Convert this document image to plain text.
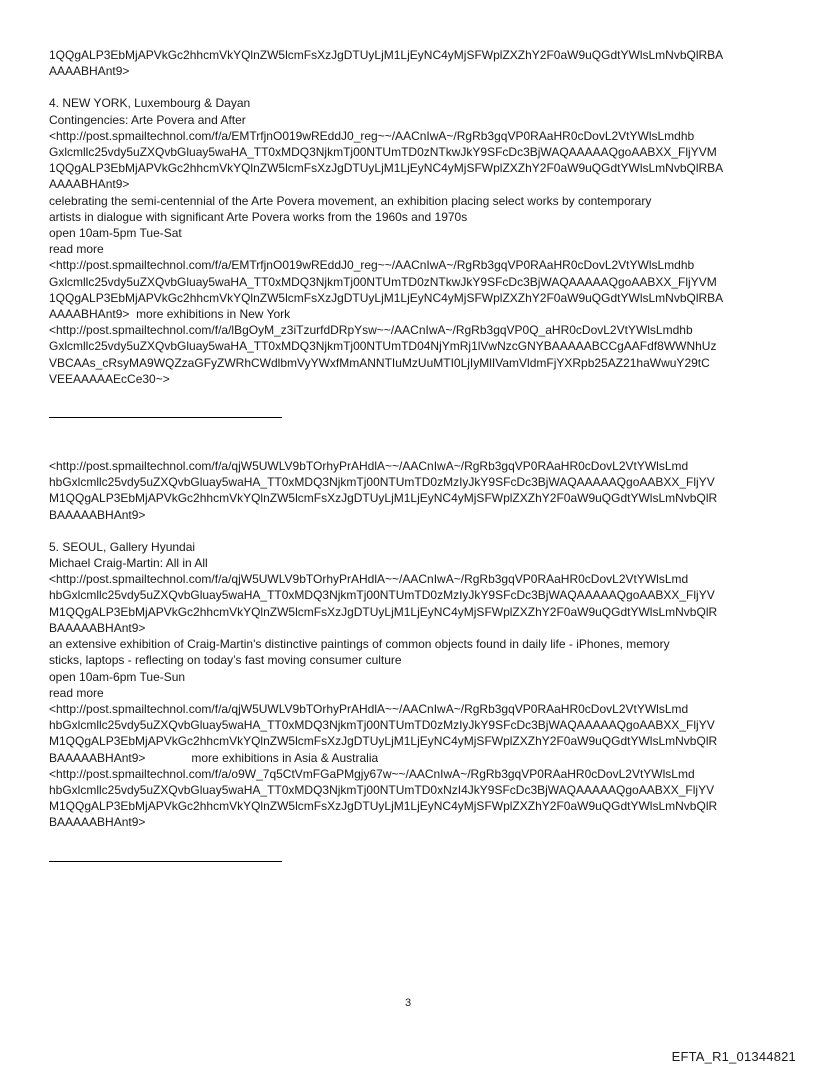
1QQgALP3EbMjAPVkGc2hhcmVkYQlnZW5lcmFsXzJgDTUyLjM1LjEyNC4yMjSFWplZXZhY2F0aW9uQGdtYWlsLmNvbQlRBA
AAAABHAnt9>
4. NEW YORK, Luxembourg & Dayan
Contingencies: Arte Povera and After
<http://post.spmailtechnol.com/f/a/EMTrfjnO019wREddJ0_reg~~/AACnIwA~/RgRb3gqVP0RAaHR0cDovL2VtYWlsLmdhb
Gxlcmllc25vdy5uZXQvbGluay5waHA_TT0xMDQ3NjkmTj00NTUmTD0zNTkwJkY9SFcDc3BjWAQAAAAAQgoAABXX_FljYVM
1QQgALP3EbMjAPVkGc2hhcmVkYQlnZW5lcmFsXzJgDTUyLjM1LjEyNC4yMjSFWplZXZhY2F0aW9uQGdtYWlsLmNvbQlRBA
AAAABHAnt9>
celebrating the semi-centennial of the Arte Povera movement, an exhibition placing select works by contemporary
artists in dialogue with significant Arte Povera works from the 1960s and 1970s
open 10am-5pm Tue-Sat
read more
<http://post.spmailtechnol.com/f/a/EMTrfjnO019wREddJ0_reg~~/AACnIwA~/RgRb3gqVP0RAaHR0cDovL2VtYWlsLmdhb
Gxlcmllc25vdy5uZXQvbGluay5waHA_TT0xMDQ3NjkmTj00NTUmTD0zNTkwJkY9SFcDc3BjWAQAAAAAQgoAABXX_FljYVM
1QQgALP3EbMjAPVkGc2hhcmVkYQlnZW5lcmFsXzJgDTUyLjM1LjEyNC4yMjSFWplZXZhY2F0aW9uQGdtYWlsLmNvbQlRBA
AAAABHAnt9> more exhibitions in New York
<http://post.spmailtechnol.com/f/a/lBgOyM_z3iTzurfdDRpYsw~~/AACnIwA~/RgRb3gqVP0Q_aHR0cDovL2VtYWlsLmdhb
Gxlcmllc25vdy5uZXQvbGluay5waHA_TT0xMDQ3NjkmTj00NTUmTD04NjYmRj1lVwNzcGNYBAAAAABCCgAAFdf8WWNhUz
VBCAAs_cRsyMA9WQZzaGFyZWRhCWdlbmVyYWxfMmANNTIuMzUuMTI0LjIyMlIVamVldmFjYXRpb25AZ21haWwuY29tC
VEEAAAAAEcCe30~>
<http://post.spmailtechnol.com/f/a/qjW5UWLV9bTOrhyPrAHdlA~~/AACnIwA~/RgRb3gqVP0RAaHR0cDovL2VtYWlsLmd
hbGxlcmllc25vdy5uZXQvbGluay5waHA_TT0xMDQ3NjkmTj00NTUmTD0zMzIyJkY9SFcDc3BjWAQAAAAAQgoAABXX_FljYV
M1QQgALP3EbMjAPVkGc2hhcmVkYQlnZW5lcmFsXzJgDTUyLjM1LjEyNC4yMjSFWplZXZhY2F0aW9uQGdtYWlsLmNvbQlR
BAAAAABHAnt9>
5. SEOUL, Gallery Hyundai
Michael Craig-Martin: All in All
<http://post.spmailtechnol.com/f/a/qjW5UWLV9bTOrhyPrAHdlA~~/AACnIwA~/RgRb3gqVP0RAaHR0cDovL2VtYWlsLmd
hbGxlcmllc25vdy5uZXQvbGluay5waHA_TT0xMDQ3NjkmTj00NTUmTD0zMzIyJkY9SFcDc3BjWAQAAAAAQgoAABXX_FljYV
M1QQgALP3EbMjAPVkGc2hhcmVkYQlnZW5lcmFsXzJgDTUyLjM1LjEyNC4yMjSFWplZXZhY2F0aW9uQGdtYWlsLmNvbQlR
BAAAAABHAnt9>
an extensive exhibition of Craig-Martin's distinctive paintings of common objects found in daily life - iPhones, memory
sticks, laptops - reflecting on today’s fast moving consumer culture
open 10am-6pm Tue-Sun
read more
<http://post.spmailtechnol.com/f/a/qjW5UWLV9bTOrhyPrAHdlA~~/AACnIwA~/RgRb3gqVP0RAaHR0cDovL2VtYWlsLmd
hbGxlcmllc25vdy5uZXQvbGluay5waHA_TT0xMDQ3NjkmTj00NTUmTD0zMzIyJkY9SFcDc3BjWAQAAAAAQgoAABXX_FljYV
M1QQgALP3EbMjAPVkGc2hhcmVkYQlnZW5lcmFsXzJgDTUyLjM1LjEyNC4yMjSFWplZXZhY2F0aW9uQGdtYWlsLmNvbQlR
BAAAAABHAnt9>	more exhibitions in Asia & Australia
<http://post.spmailtechnol.com/f/a/o9W_7q5CtVmFGaPMgjy67w~~/AACnIwA~/RgRb3gqVP0RAaHR0cDovL2VtYWlsLmd
hbGxlcmllc25vdy5uZXQvbGluay5waHA_TT0xMDQ3NjkmTj00NTUmTD0xNzI4JkY9SFcDc3BjWAQAAAAAQgoAABXX_FljYV
M1QQgALP3EbMjAPVkGc2hhcmVkYQlnZW5lcmFsXzJgDTUyLjM1LjEyNC4yMjSFWplZXZhY2F0aW9uQGdtYWlsLmNvbQlR
BAAAAABHAnt9>
3
EFTA_R1_01344821
